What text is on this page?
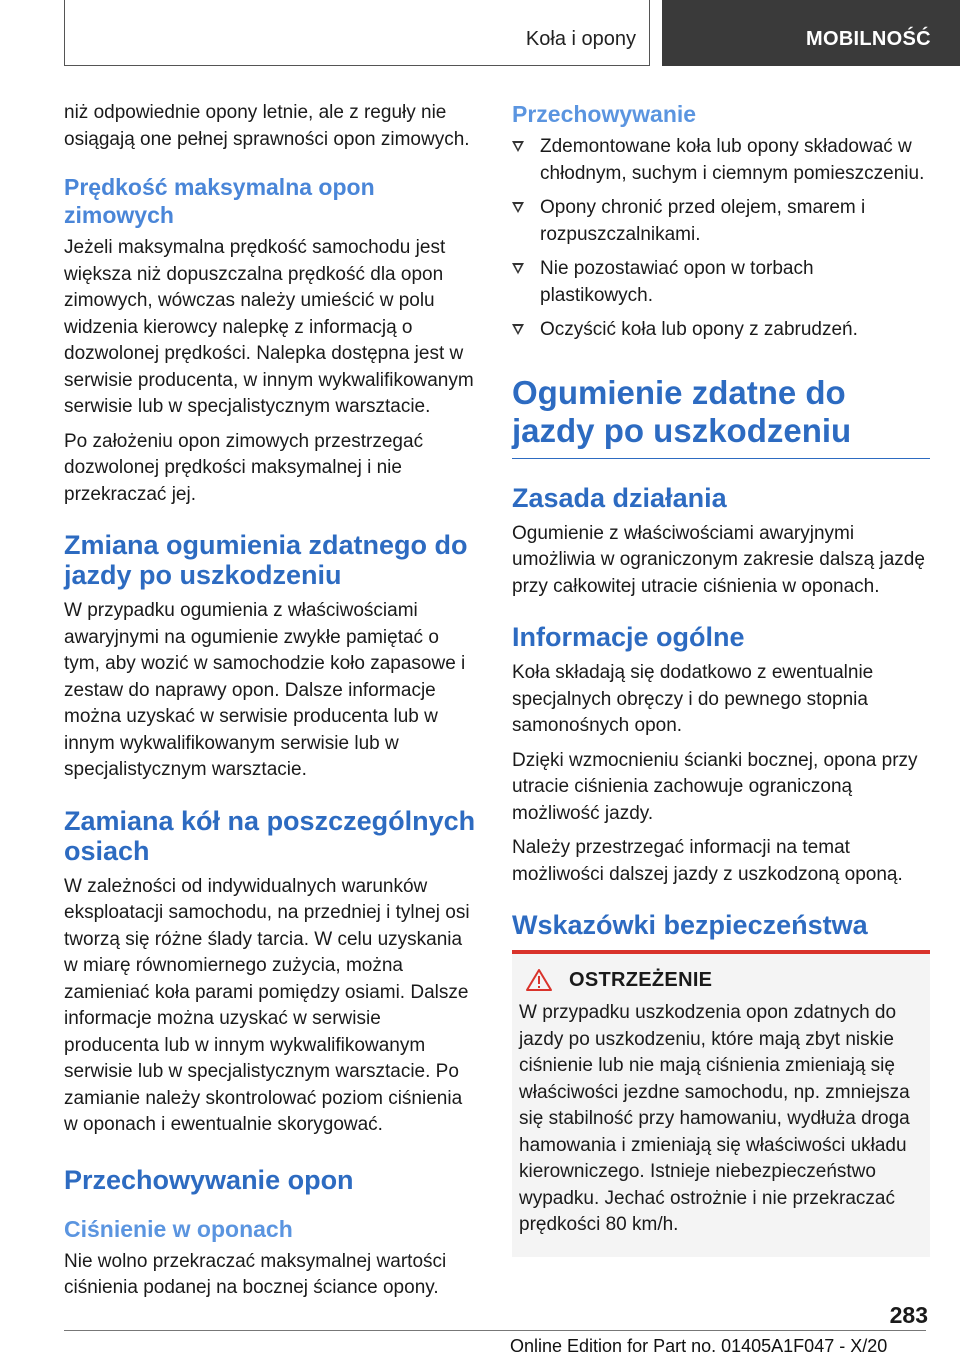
Koła i opony	MOBILNOŚĆ

niż odpowiednie opony letnie, ale z reguły nie osiągają one pełnej sprawności opon zimowych.

Prędkość maksymalna opon zimowych

Jeżeli maksymalna prędkość samochodu jest większa niż dopuszczalna prędkość dla opon zimowych, wówczas należy umieścić w polu widzenia kierowcy nalepkę z informacją o dozwolonej prędkości. Nalepka dostępna jest w serwisie producenta, w innym wykwalifikowanym serwisie lub w specjalistycznym warsztacie.

Po założeniu opon zimowych przestrzegać dozwolonej prędkości maksymalnej i nie przekraczać jej.

Zmiana ogumienia zdatnego do jazdy po uszkodzeniu

W przypadku ogumienia z właściwościami awaryjnymi na ogumienie zwykłe pamiętać o tym, aby wozić w samochodzie koło zapasowe i zestaw do naprawy opon. Dalsze informacje można uzyskać w serwisie producenta lub w innym wykwalifikowanym serwisie lub w specjalistycznym warsztacie.

Zamiana kół na poszczególnych osiach

W zależności od indywidualnych warunków eksploatacji samochodu, na przedniej i tylnej osi tworzą się różne ślady tarcia. W celu uzyskania w miarę równomiernego zużycia, można zamieniać koła parami pomiędzy osiami. Dalsze informacje można uzyskać w serwisie producenta lub w innym wykwalifikowanym serwisie lub w specjalistycznym warsztacie. Po zamianie należy skontrolować poziom ciśnienia w oponach i ewentualnie skorygować.

Przechowywanie opon
Ciśnienie w oponach

Nie wolno przekraczać maksymalnej wartości ciśnienia podanej na bocznej ściance opony.

Przechowywanie
Zdemontowane koła lub opony składować w chłodnym, suchym i ciemnym pomieszczeniu.
Opony chronić przed olejem, smarem i rozpuszczalnikami.
Nie pozostawiać opon w torbach plastikowych.
Oczyścić koła lub opony z zabrudzeń.
Ogumienie zdatne do jazdy po uszkodzeniu
Zasada działania

Ogumienie z właściwościami awaryjnymi umożliwia w ograniczonym zakresie dalszą jazdę przy całkowitej utracie ciśnienia w oponach.

Informacje ogólne

Koła składają się dodatkowo z ewentualnie specjalnych obręczy i do pewnego stopnia samonośnych opon.

Dzięki wzmocnieniu ścianki bocznej, opona przy utracie ciśnienia zachowuje ograniczoną możliwość jazdy.

Należy przestrzegać informacji na temat możliwości dalszej jazdy z uszkodzoną oponą.

Wskazówki bezpieczeństwa
OSTRZEŻENIE

W przypadku uszkodzenia opon zdatnych do jazdy po uszkodzeniu, które mają zbyt niskie ciśnienie lub nie mają ciśnienia zmieniają się właściwości jezdne samochodu, np. zmniejsza się stabilność przy hamowaniu, wydłuża droga hamowania i zmieniają się właściwości układu kierowniczego. Istnieje niebezpieczeństwo wypadku. Jechać ostrożnie i nie przekraczać prędkości 80 km/h.

283
Online Edition for Part no. 01405A1F047 - X/20
